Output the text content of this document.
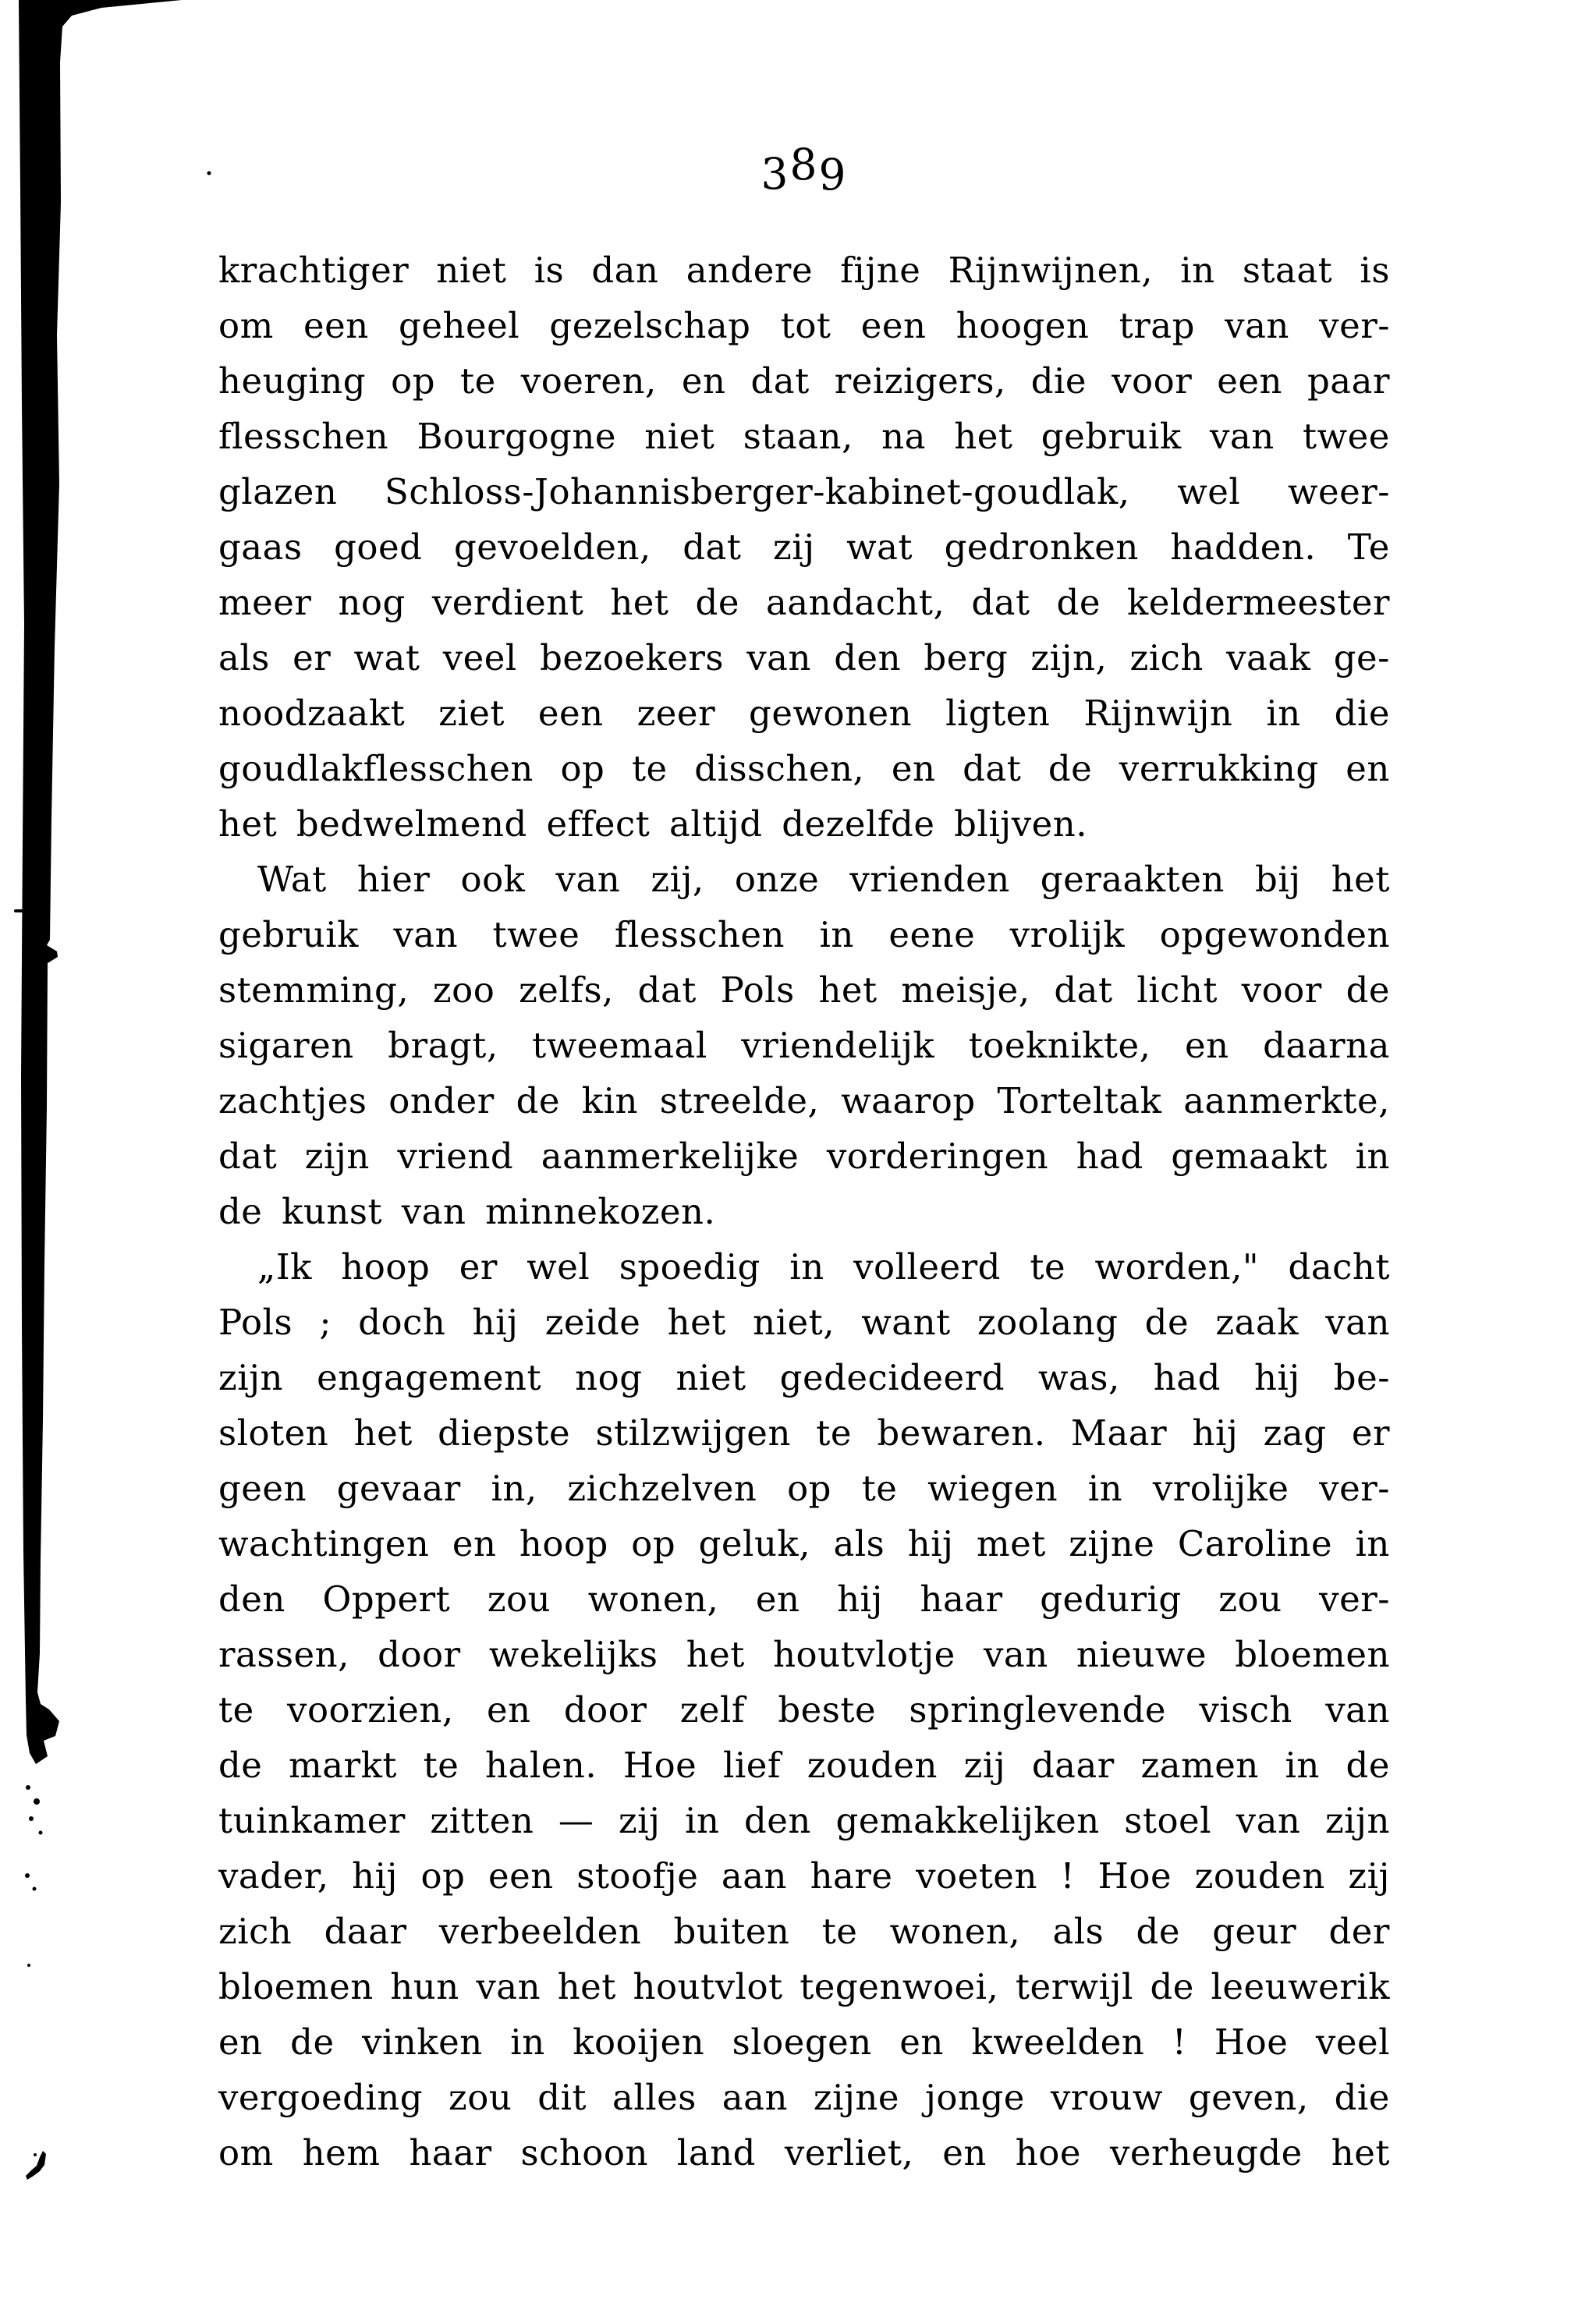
389
krachtiger niet is dan andere fijne Rijnwijnen, in staat is
om een geheel gezelschap tot een hoogen trap van ver-
heuging op te voeren, en dat reizigers, die voor een paar
flesschen Bourgogne niet staan, na het gebruik van twee
glazen Schloss-Johannisberger-kabinet-goudlak, wel weer-
gaas goed gevoelden, dat zij wat gedronken hadden. Te
meer nog verdient het de aandacht, dat de keldermeester
als er wat veel bezoekers van den berg zijn, zich vaak ge-
noodzaakt ziet een zeer gewonen ligten Rijnwijn in die
goudlakflesschen op te disschen, en dat de verrukking en
het bedwelmend effect altijd dezelfde blijven.
Wat hier ook van zij, onze vrienden geraakten bij het
gebruik van twee flesschen in eene vrolijk opgewonden
stemming, zoo zelfs, dat Pols het meisje, dat licht voor de
sigaren bragt, tweemaal vriendelijk toeknikte, en daarna
zachtjes onder de kin streelde, waarop Torteltak aanmerkte,
dat zijn vriend aanmerkelijke vorderingen had gemaakt in
de kunst van minnekozen.
„Ik hoop er wel spoedig in volleerd te worden," dacht
Pols ; doch hij zeide het niet, want zoolang de zaak van
zijn engagement nog niet gedecideerd was, had hij be-
sloten het diepste stilzwijgen te bewaren. Maar hij zag er
geen gevaar in, zichzelven op te wiegen in vrolijke ver-
wachtingen en hoop op geluk, als hij met zijne Caroline in
den Oppert zou wonen, en hij haar gedurig zou ver-
rassen, door wekelijks het houtvlotje van nieuwe bloemen
te voorzien, en door zelf beste springlevende visch van
de markt te halen. Hoe lief zouden zij daar zamen in de
tuinkamer zitten — zij in den gemakkelijken stoel van zijn
vader, hij op een stoofje aan hare voeten ! Hoe zouden zij
zich daar verbeelden buiten te wonen, als de geur der
bloemen hun van het houtvlot tegenwoei, terwijl de leeuwerik
en de vinken in kooijen sloegen en kweelden ! Hoe veel
vergoeding zou dit alles aan zijne jonge vrouw geven, die
om hem haar schoon land verliet, en hoe verheugde het
